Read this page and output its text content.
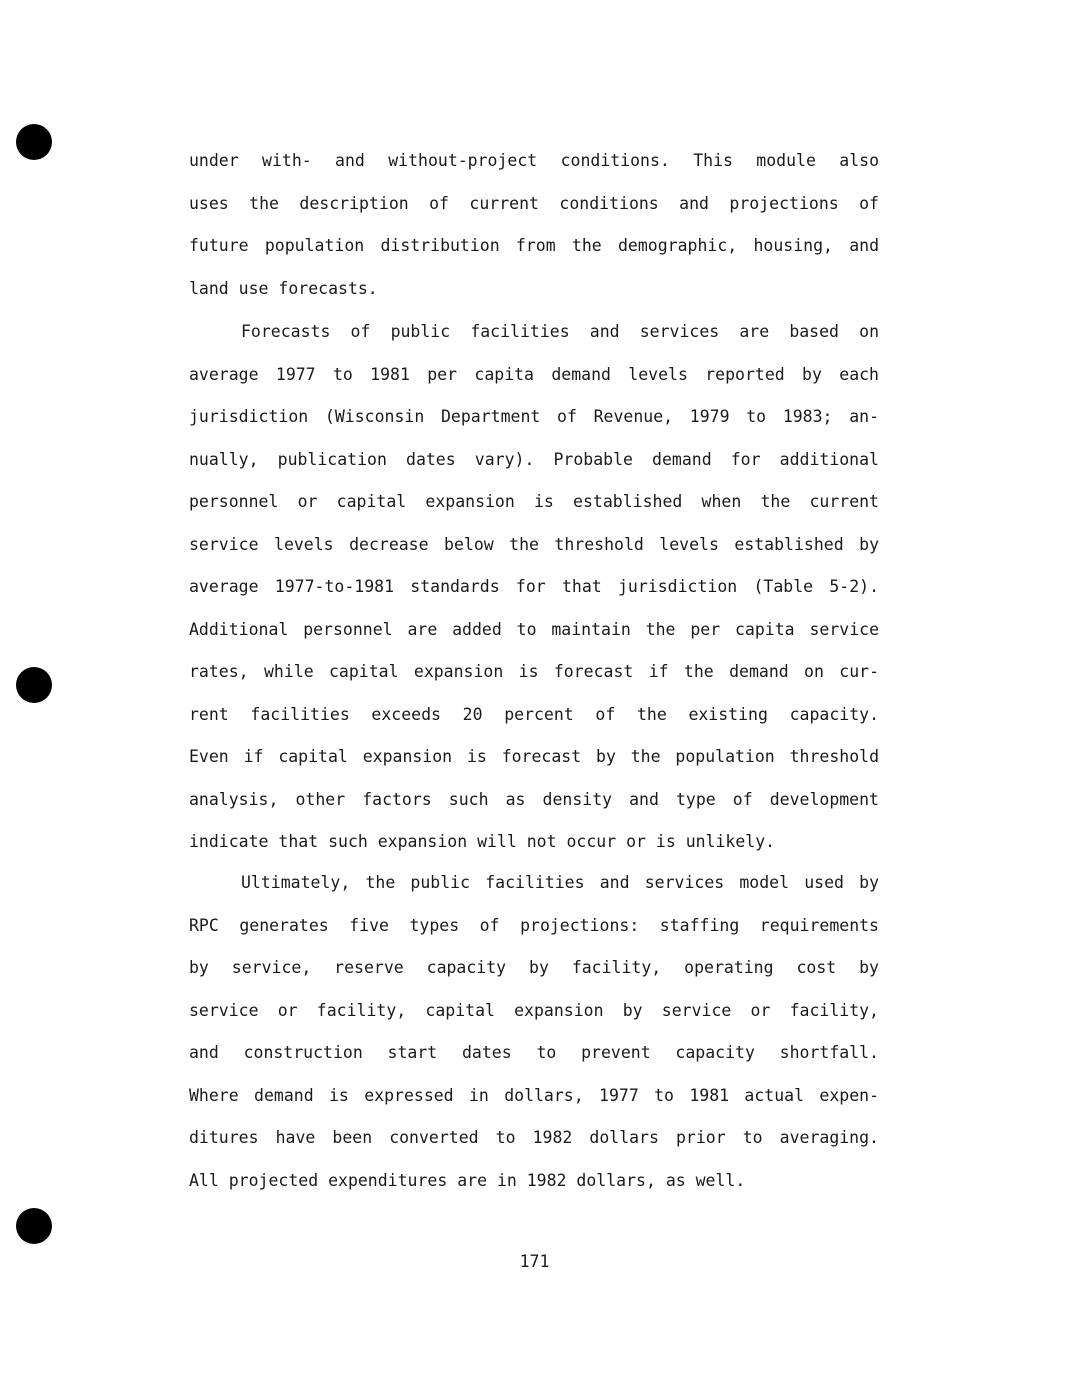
under with- and without-project conditions. This module also
uses the description of current conditions and projections of
future population distribution from the demographic, housing, and
land use forecasts.
Forecasts of public facilities and services are based on
average 1977 to 1981 per capita demand levels reported by each
jurisdiction (Wisconsin Department of Revenue, 1979 to 1983; an-
nually, publication dates vary). Probable demand for additional
personnel or capital expansion is established when the current
service levels decrease below the threshold levels established by
average 1977-to-1981 standards for that jurisdiction (Table 5-2).
Additional personnel are added to maintain the per capita service
rates, while capital expansion is forecast if the demand on cur-
rent facilities exceeds 20 percent of the existing capacity.
Even if capital expansion is forecast by the population threshold
analysis, other factors such as density and type of development
indicate that such expansion will not occur or is unlikely.
Ultimately, the public facilities and services model used by
RPC generates five types of projections: staffing requirements
by service, reserve capacity by facility, operating cost by
service or facility, capital expansion by service or facility,
and construction start dates to prevent capacity shortfall.
Where demand is expressed in dollars, 1977 to 1981 actual expen-
ditures have been converted to 1982 dollars prior to averaging.
All projected expenditures are in 1982 dollars, as well.
171
